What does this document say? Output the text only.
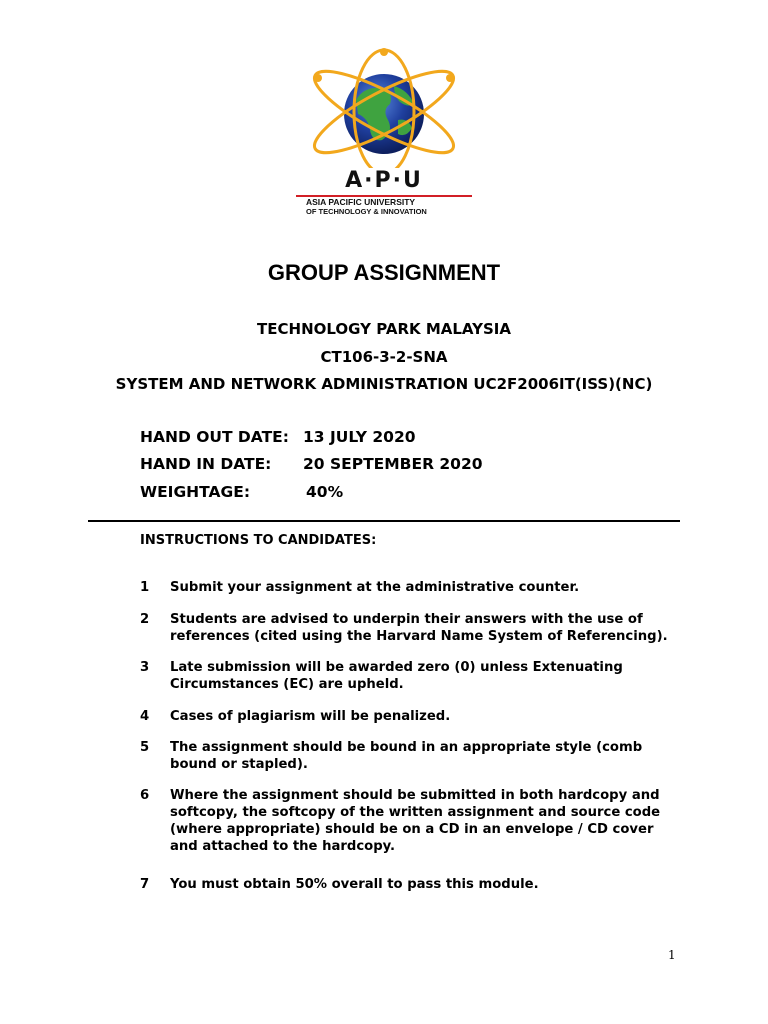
A·P·U
ASIA PACIFIC UNIVERSITY
OF TECHNOLOGY & INNOVATION
GROUP ASSIGNMENT
TECHNOLOGY PARK MALAYSIA
CT106-3-2-SNA
SYSTEM AND NETWORK ADMINISTRATION UC2F2006IT(ISS)(NC)
HAND OUT DATE: 13 JULY 2020
HAND IN DATE: 20 SEPTEMBER 2020
WEIGHTAGE:	40%
INSTRUCTIONS TO CANDIDATES:
1 Submit your assignment at the administrative counter.
2 Students are advised to underpin their answers with the use of
references (cited using the Harvard Name System of Referencing).
3 Late submission will be awarded zero (0) unless Extenuating
Circumstances (EC) are upheld.
4 Cases of plagiarism will be penalized.
5 The assignment should be bound in an appropriate style (comb
bound or stapled).
6 Where the assignment should be submitted in both hardcopy and
softcopy, the softcopy of the written assignment and source code
(where appropriate) should be on a CD in an envelope / CD cover
and attached to the hardcopy.
7 You must obtain 50% overall to pass this module.
1
